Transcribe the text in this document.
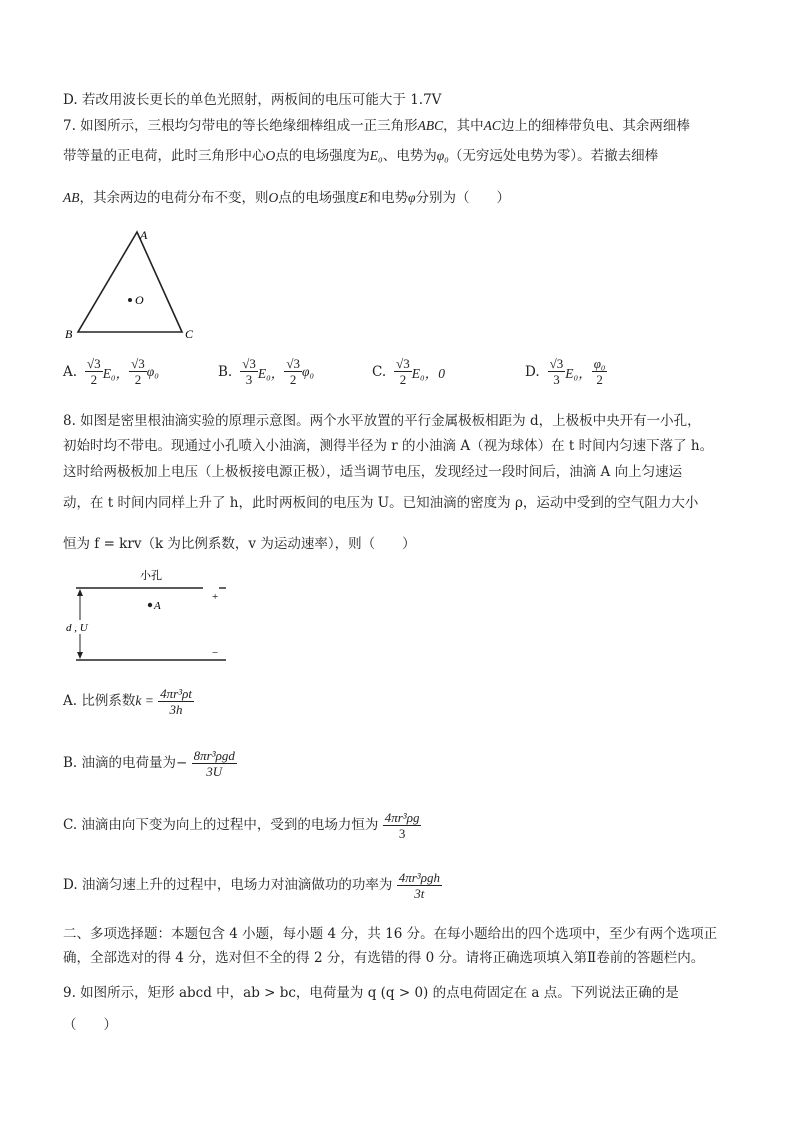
D. 若改用波长更长的单色光照射，两板间的电压可能大于 1.7V
7. 如图所示，三根均匀带电的等长绝缘细棒组成一正三角形ABC，其中AC边上的细棒带负电、其余两细棒
带等量的正电荷，此时三角形中心O点的电场强度为E₀、电势为φ₀（无穷远处电势为零）。若撤去细棒
AB，其余两边的电荷分布不变，则O点的电场强度E和电势φ分别为（　　）
A
B	C
O
A. $\frac{√3}{2} E_0$， $\frac{√3}{2} \varphi_0$	B. $\frac{√3}{3} E_0$， $\frac{√3}{2} \varphi_0$	C. $\frac{√3}{2} E_0$，0	D. $\frac{√3}{3} E_0$， $\frac{\text{φ₀}}{2}$
8. 如图是密里根油滴实验的原理示意图。两个水平放置的平行金属极板相距为 d，上极板中央开有一小孔，
初始时均不带电。现通过小孔喷入小油滴，测得半径为 r 的小油滴 A（视为球体）在 t 时间内匀速下落了 h。
这时给两极板加上电压（上极板接电源正极），适当调节电压，发现经过一段时间后，油滴 A 向上匀速运
动，在 t 时间内同样上升了 h，此时两板间的电压为 U。已知油滴的密度为 ρ，运动中受到的空气阻力大小
恒为 f = krv（k 为比例系数，v 为运动速率），则（　　）
小孔
A
+
−
d , U
A. 比例系数$k = \frac{\text{4πr³ρt}}{3h}$
B. 油滴的电荷量为− $\frac{\text{8πr³ρgd}}{3U}$
C. 油滴由向下变为向上的过程中，受到的电场力恒为 $\frac{\text{4πr³ρg}}{3}$
D. 油滴匀速上升的过程中，电场力对油滴做功的功率为 $\frac{\text{4πr³ρgh}}{3t}$
二、多项选择题：本题包含 4 小题，每小题 4 分，共 16 分。在每小题给出的四个选项中，至少有两个选项正
确，全部选对的得 4 分，选对但不全的得 2 分，有选错的得 0 分。请将正确选项填入第Ⅱ卷前的答题栏内。
9. 如图所示，矩形 abcd 中，ab > bc，电荷量为 q (q > 0) 的点电荷固定在 a 点。下列说法正确的是
（　　）
